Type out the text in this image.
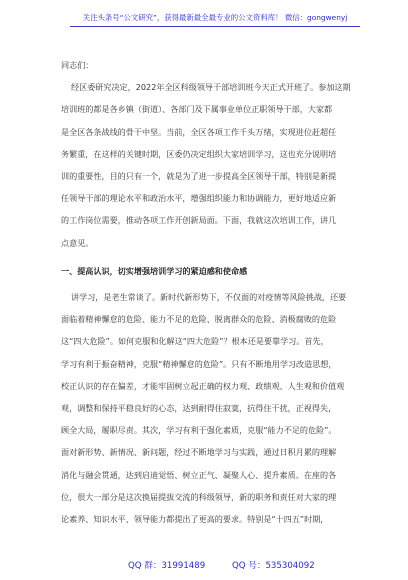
关注头条号“公文研究”，获得最新最全最专业的公文资料库！ 微信：gongwenyj

同志们：

经区委研究决定，2022年全区科级领导干部培训班今天正式开班了。参加这期

培训班的都是各乡镇（街道）、各部门及下属事业单位正职领导干部，大家都

是全区各条战线的骨干中坚。当前，全区各项工作千头万绪，实现进位赶超任

务繁重，在这样的关键时期，区委仍决定组织大家培训学习，这也充分说明培

训的重要性，目的只有一个，就是为了进一步提高全区领导干部，特别是新提

任领导干部的理论水平和政治水平，增强组织能力和协调能力，更好地适应新

的工作岗位需要，推动各项工作开创新局面。下面，我就这次培训工作，讲几

点意见。

一、提高认识，切实增强培训学习的紧迫感和使命感

讲学习，是老生常谈了。新时代新形势下，不仅面的对疫情等风险挑战，还要

面临着精神懈怠的危险、能力不足的危险、脱离群众的危险、消极腐败的危险

这“四大危险”。如何克服和化解这“四大危险”？根本还是要靠学习。首先，

学习有利于振奋精神，克服“精神懈怠的危险”。只有不断地用学习改造思想，

校正认识的存在偏差，才能牢固树立起正确的权力观、政绩观、人生观和价值观

观，调整和保持平稳良好的心态，达到耐得住寂寞，抗得住干扰，正视得失，

顾全大局，履职尽责。其次，学习有利于强化素质，克服“能力不足的危险”。

面对新形势、新情况、新问题，经过不断地学习与实践，通过日积月累的理解

消化与融会贯通，达到启迪觉悟、树立正气、凝聚人心、提升素质。在座的各

位，很大一部分是这次换届提拔交流的科级领导，新的职务和责任对大家的理

论素养、知识水平、领导能力都提出了更高的要求。特别是“十四五”时期，

QQ 群：31991489	QQ 号：535304092
